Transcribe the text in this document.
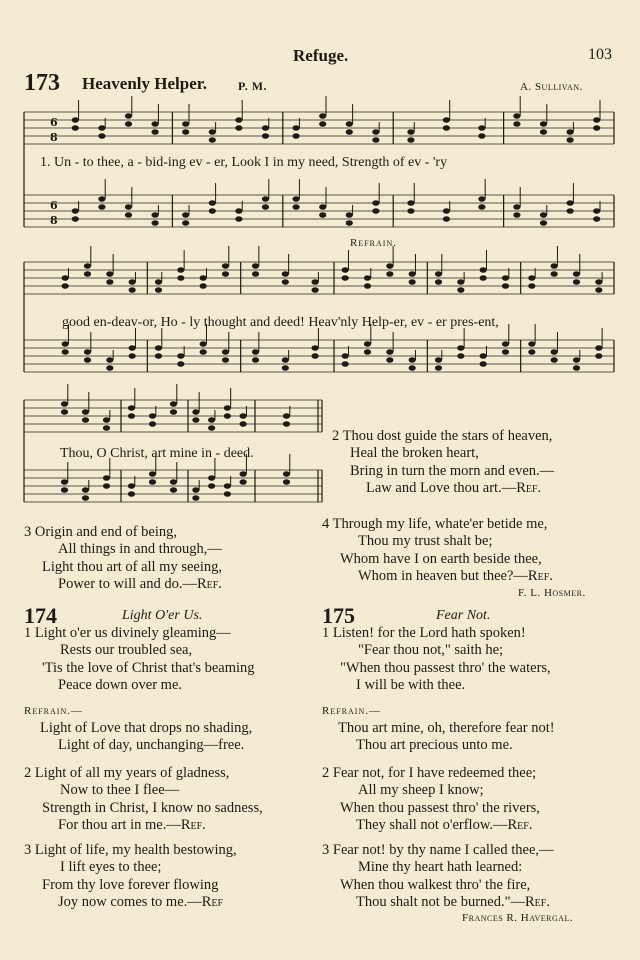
Refuge.	103
173 Heavenly Helper.	P. M.	A. Sullivan.
6
8
6
8
1. Un - to thee, a - bid-ing ev - er, Look I in my need, Strength of ev - 'ry
Refrain.
good en-deav-or, Ho - ly thought and deed! Heav'nly Help-er, ev - er pres-ent,
Thou, O Christ, art mine in - deed.
2 Thou dost guide the stars of heaven,
Heal the broken heart,
Bring in turn the morn and even.—
Law and Love thou art.—Ref.
3 Origin and end of being,
All things in and through,—
Light thou art of all my seeing,
Power to will and do.—Ref.
4 Through my life, whate'er betide me,
Thou my trust shalt be;
Whom have I on earth beside thee,
Whom in heaven but thee?—Ref.
F. L. Hosmer.
174	Light O'er Us.
1 Light o'er us divinely gleaming—
Rests our troubled sea,
'Tis the love of Christ that's beaming
Peace down over me.
Refrain.—
Light of Love that drops no shading,
Light of day, unchanging—free.
2 Light of all my years of gladness,
Now to thee I flee—
Strength in Christ, I know no sadness,
For thou art in me.—Ref.
3 Light of life, my health bestowing,
I lift eyes to thee;
From thy love forever flowing
Joy now comes to me.—Ref
175	Fear Not.
1 Listen! for the Lord hath spoken!
"Fear thou not," saith he;
"When thou passest thro' the waters,
I will be with thee.
Refrain.—
Thou art mine, oh, therefore fear not!
Thou art precious unto me.
2 Fear not, for I have redeemed thee;
All my sheep I know;
When thou passest thro' the rivers,
They shall not o'erflow.—Ref.
3 Fear not! by thy name I called thee,—
Mine thy heart hath learned:
When thou walkest thro' the fire,
Thou shalt not be burned."—Ref.
Frances R. Havergal.
